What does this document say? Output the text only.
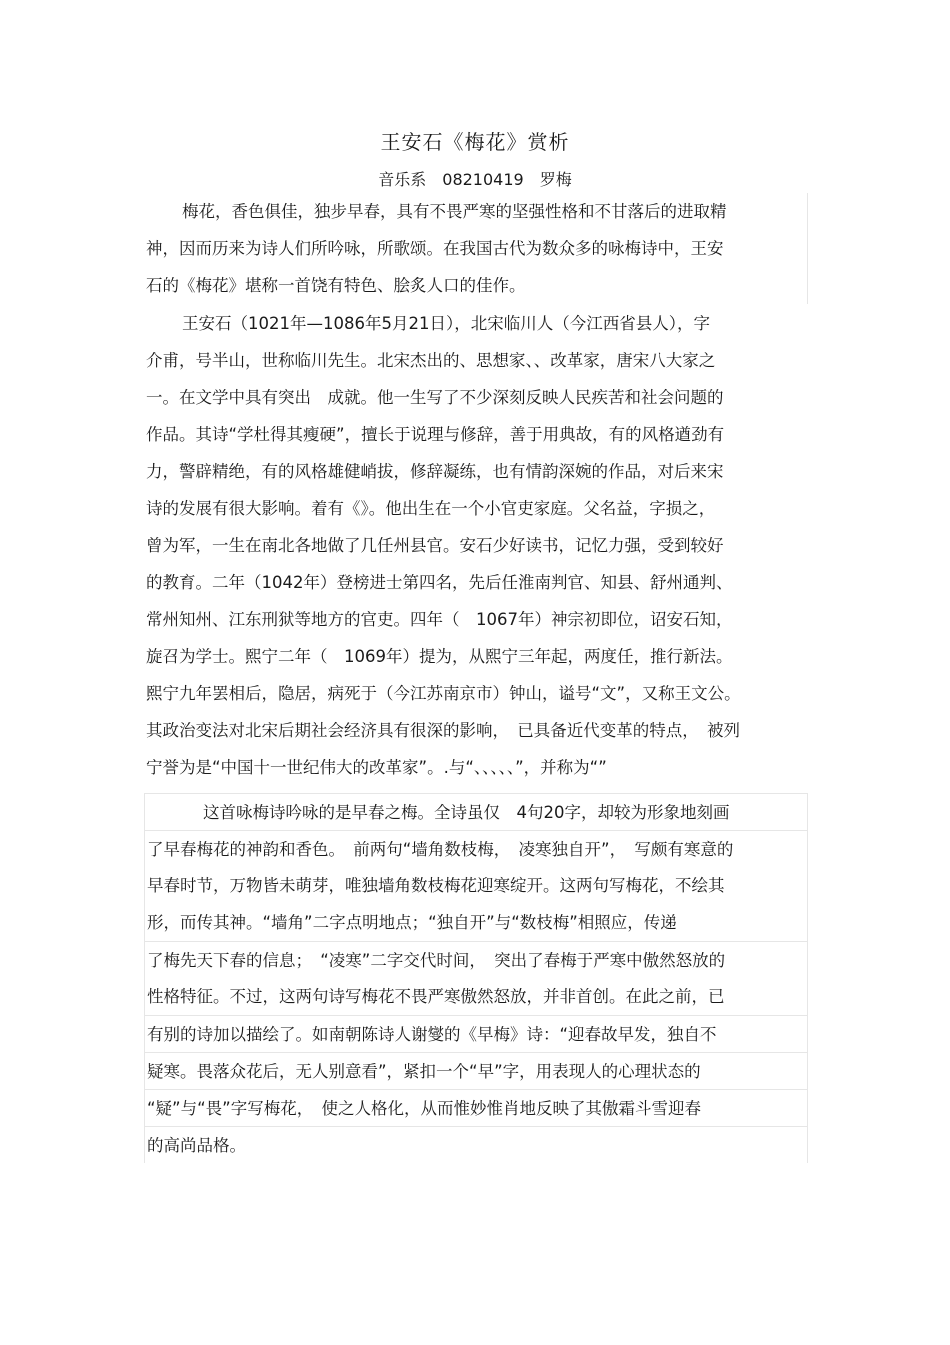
王安石《梅花》赏析
音乐系　08210419　罗梅
梅花，香色俱佳，独步早春，具有不畏严寒的坚强性格和不甘落后的进取精
神，因而历来为诗人们所吟咏，所歌颂。在我国古代为数众多的咏梅诗中，王安
石的《梅花》堪称一首饶有特色、脍炙人口的佳作。
王安石（1021年—1086年5月21日），北宋临川人（今江西省县人），字
介甫，号半山，世称临川先生。北宋杰出的、思想家、、改革家，唐宋八大家之
一。在文学中具有突出　成就。他一生写了不少深刻反映人民疾苦和社会问题的
作品。其诗“学杜得其瘦硬”，擅长于说理与修辞，善于用典故，有的风格遒劲有
力，警辟精绝，有的风格雄健峭拔，修辞凝练，也有情韵深婉的作品，对后来宋
诗的发展有很大影响。着有《》。他出生在一个小官吏家庭。父名益，字损之，
曾为军，一生在南北各地做了几任州县官。安石少好读书，记忆力强，受到较好
的教育。二年（1042年）登榜进士第四名，先后任淮南判官、知县、舒州通判、
常州知州、江东刑狱等地方的官吏。四年（　1067年）神宗初即位，诏安石知，
旋召为学士。熙宁二年（　1069年）提为，从熙宁三年起，两度任，推行新法。
熙宁九年罢相后，隐居，病死于（今江苏南京市）钟山，谥号“文”，又称王文公。
其政治变法对北宋后期社会经济具有很深的影响，　已具备近代变革的特点，　被列
宁誉为是“中国十一世纪伟大的改革家”。.与“、、、、、”，并称为“”
这首咏梅诗吟咏的是早春之梅。全诗虽仅　4句20字，却较为形象地刻画
了早春梅花的神韵和香色。　前两句“墙角数枝梅，　凌寒独自开”，　写颇有寒意的
早春时节，万物皆未萌芽，唯独墙角数枝梅花迎寒绽开。这两句写梅花，不绘其
形，而传其神。“墙角”二字点明地点；“独自开”与“数枝梅”相照应，传递
了梅先天下春的信息；　“凌寒”二字交代时间，　突出了春梅于严寒中傲然怒放的
性格特征。不过，这两句诗写梅花不畏严寒傲然怒放，并非首创。在此之前，已
有别的诗加以描绘了。如南朝陈诗人谢燮的《早梅》诗：“迎春故早发，独自不
疑寒。畏落众花后，无人别意看”，紧扣一个“早”字，用表现人的心理状态的
“疑”与“畏”字写梅花，　使之人格化，从而惟妙惟肖地反映了其傲霜斗雪迎春
的高尚品格。
